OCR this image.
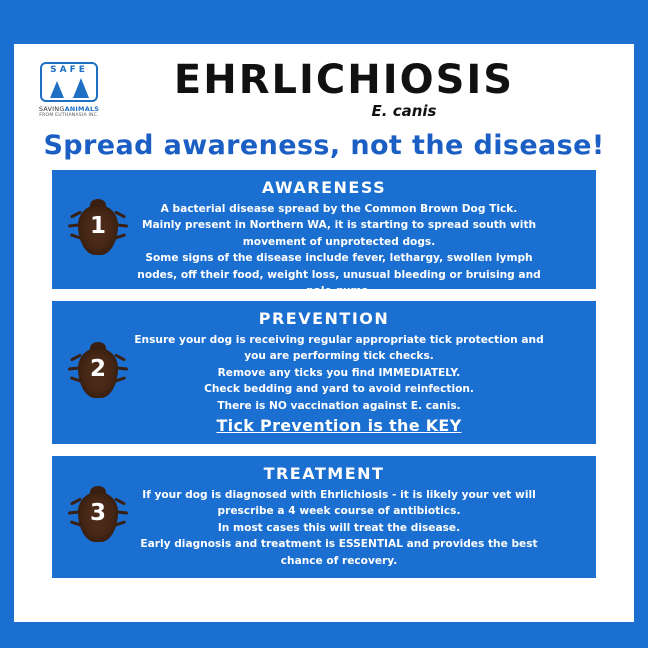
SAFE
SAVINGANIMALS
FROM EUTHANASIA INC.
EHRLICHIOSIS
E. canis
Spread awareness, not the disease!
1
AWARENESS

A bacterial disease spread by the Common Brown Dog Tick.

Mainly present in Northern WA, it is starting to spread south with movement of unprotected dogs.

Some signs of the disease include fever, lethargy, swollen lymph nodes, off their food, weight loss, unusual bleeding or bruising and pale gums.

2
PREVENTION

Ensure your dog is receiving regular appropriate tick protection and you are performing tick checks.

Remove any ticks you find IMMEDIATELY.

Check bedding and yard to avoid reinfection.

There is NO vaccination against E. canis.

Tick Prevention is the KEY

3
TREATMENT

If your dog is diagnosed with Ehrlichiosis - it is likely your vet will prescribe a 4 week course of antibiotics.

In most cases this will treat the disease.

Early diagnosis and treatment is ESSENTIAL and provides the best chance of recovery.
